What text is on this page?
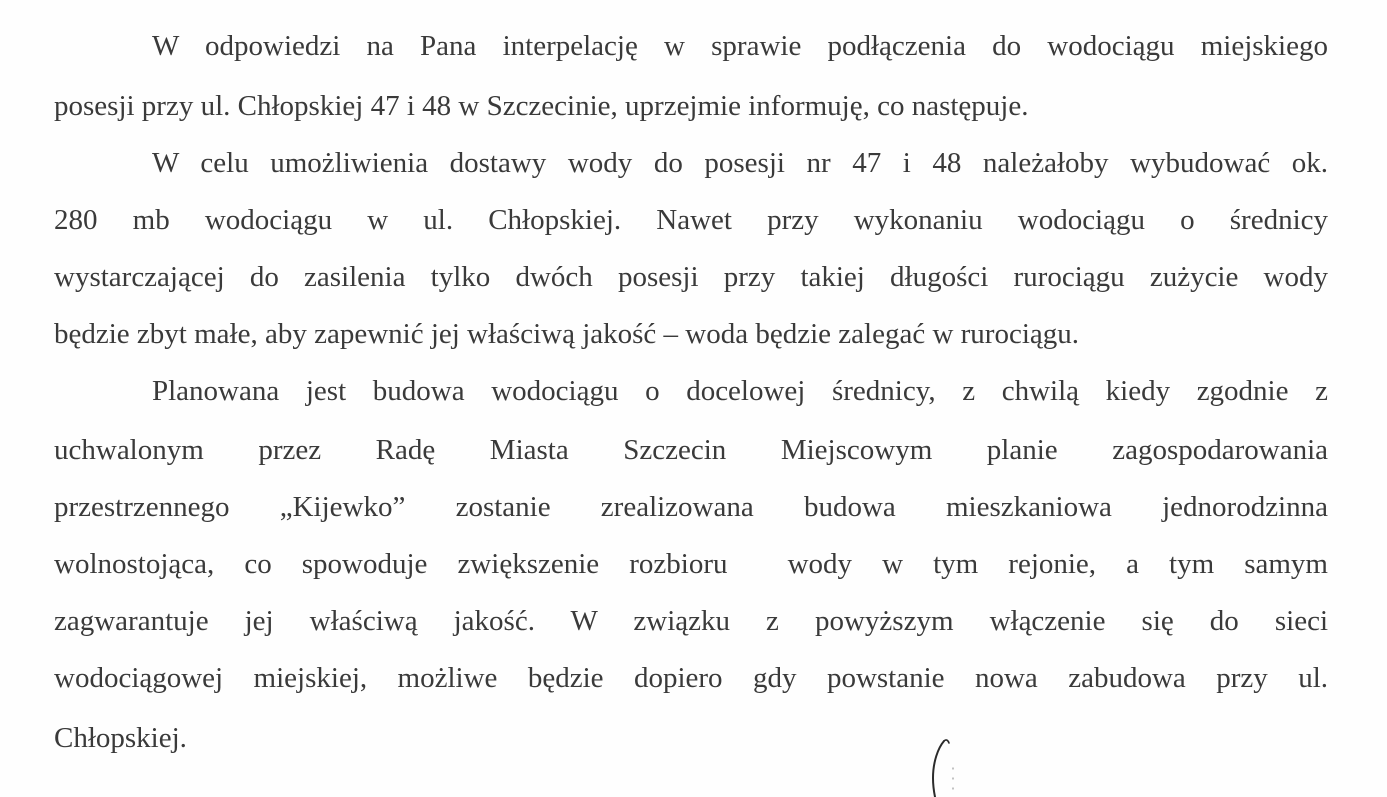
W odpowiedzi na Pana interpelację w sprawie podłączenia do wodociągu miejskiego

posesji przy ul. Chłopskiej 47 i 48 w Szczecinie, uprzejmie informuję, co następuje.

W celu umożliwienia dostawy wody do posesji nr 47 i 48 należałoby wybudować ok.

280 mb wodociągu w ul. Chłopskiej. Nawet przy wykonaniu wodociągu o średnicy

wystarczającej do zasilenia tylko dwóch posesji przy takiej długości rurociągu zużycie wody

będzie zbyt małe, aby zapewnić jej właściwą jakość – woda będzie zalegać w rurociągu.

Planowana jest budowa wodociągu o docelowej średnicy, z chwilą kiedy zgodnie z

uchwalonym przez Radę Miasta Szczecin Miejscowym planie zagospodarowania

przestrzennego „Kijewko” zostanie zrealizowana budowa mieszkaniowa jednorodzinna

wolnostojąca, co spowoduje zwiększenie rozbioru  wody w tym rejonie, a tym samym

zagwarantuje jej właściwą jakość. W związku z powyższym włączenie się do sieci

wodociągowej miejskiej, możliwe będzie dopiero gdy powstanie nowa zabudowa przy ul.

Chłopskiej.
